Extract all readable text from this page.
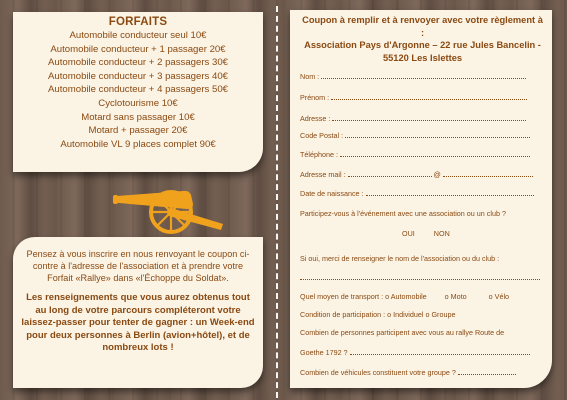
FORFAITS
Automobile conducteur seul 10€
Automobile conducteur + 1 passager 20€
Automobile conducteur + 2 passagers 30€
Automobile conducteur + 3 passagers 40€
Automobile conducteur + 4 passagers 50€
Cyclotourisme 10€
Motard sans passager 10€
Motard + passager 20€
Automobile VL 9 places complet 90€
Pensez à vous inscrire en nous renvoyant le coupon ci-contre à l'adresse de l'association et à prendre votre Forfait «Rallye» dans «l'Échoppe du Soldat».
Les renseignements que vous aurez obtenus tout au long de votre parcours compléteront votre laissez-passer pour tenter de gagner : un Week-end pour deux personnes à Berlin (avion+hôtel), et de nombreux lots !
Coupon à remplir et à renvoyer avec votre règlement à :
Association Pays d'Argonne – 22 rue Jules Bancelin -
55120 Les Islettes
Nom :
Prénom :
Adresse :
Code Postal :
Téléphone :
Adresse mail :	@
Date de naissance :
Participez-vous à l'événement avec une association ou un club ?
OUI	NON
Si oui, merci de renseigner le nom de l'association ou du club :
Quel moyen de transport : o Automobile	o Moto	o Vélo
Condition de participation : o Individuel o Groupe
Combien de personnes participent avec vous au rallye Route de
Goethe 1792 ?
Combien de véhicules constituent votre groupe ?
